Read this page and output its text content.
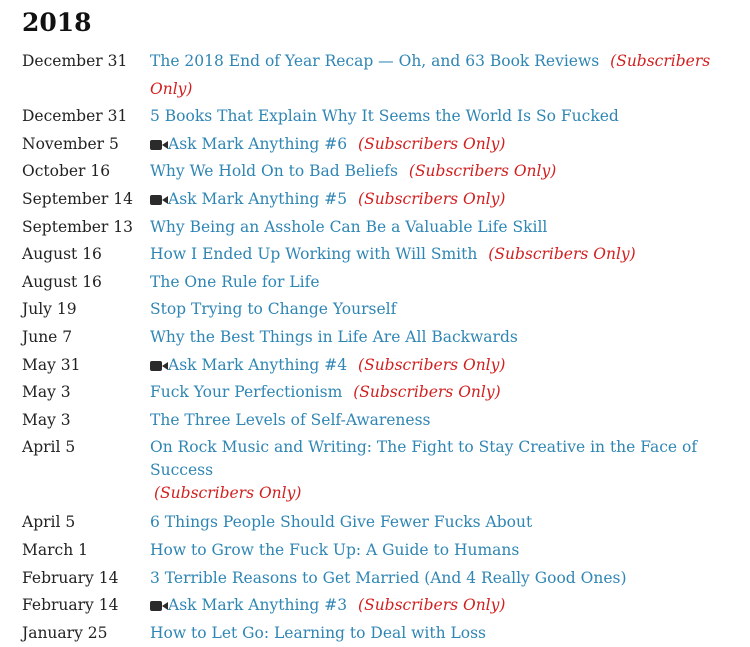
2018
December 31	The 2018 End of Year Recap — Oh, and 63 Book Reviews (Subscribers Only)
December 31	5 Books That Explain Why It Seems the World Is So Fucked
November 5	Ask Mark Anything #6 (Subscribers Only)
October 16	Why We Hold On to Bad Beliefs (Subscribers Only)
September 14	Ask Mark Anything #5 (Subscribers Only)
September 13	Why Being an Asshole Can Be a Valuable Life Skill
August 16	How I Ended Up Working with Will Smith (Subscribers Only)
August 16	The One Rule for Life
July 19	Stop Trying to Change Yourself
June 7	Why the Best Things in Life Are All Backwards
May 31	Ask Mark Anything #4 (Subscribers Only)
May 3	Fuck Your Perfectionism (Subscribers Only)
May 3	The Three Levels of Self-Awareness
April 5	On Rock Music and Writing: The Fight to Stay Creative in the Face of Success
(Subscribers Only)
April 5	6 Things People Should Give Fewer Fucks About
March 1	How to Grow the Fuck Up: A Guide to Humans
February 14	3 Terrible Reasons to Get Married (And 4 Really Good Ones)
February 14	Ask Mark Anything #3 (Subscribers Only)
January 25	How to Let Go: Learning to Deal with Loss
